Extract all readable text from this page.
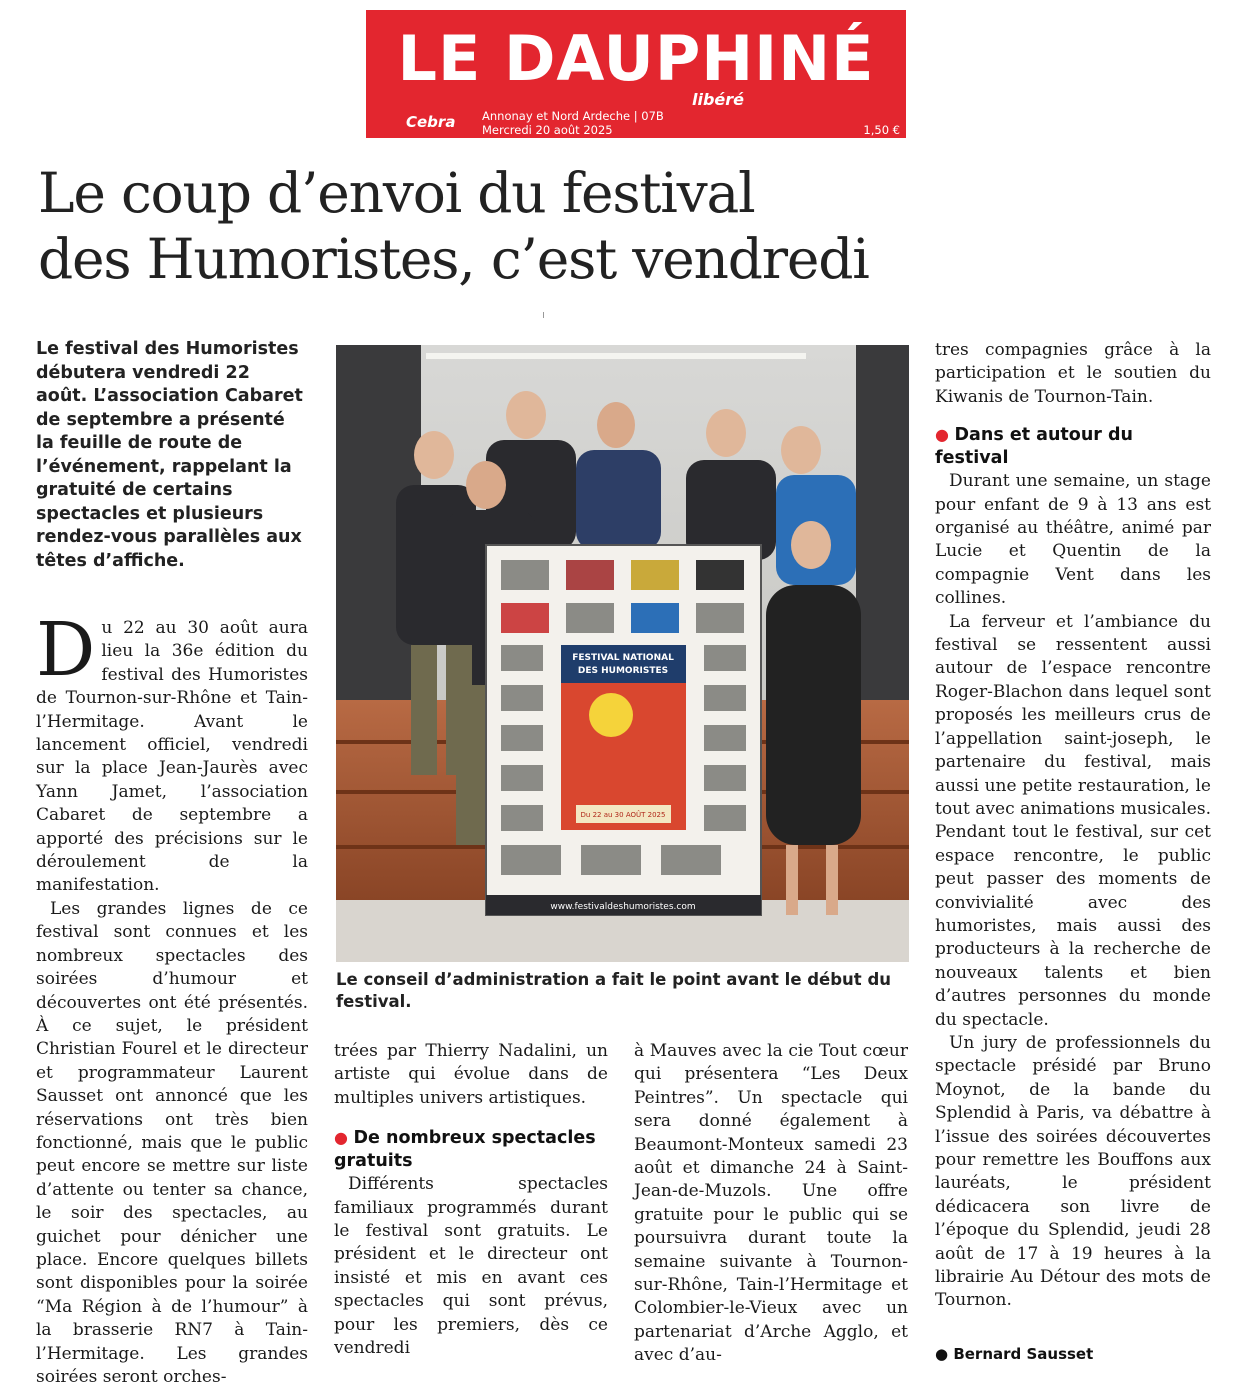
LE DAUPHINÉ
libéré
Cebra Annonay et Nord Ardeche | 07B
Mercredi 20 août 2025	1,50 €
Le coup d’envoi du festival
des Humoristes, c’est vendredi
Le festival des Humoristes débutera vendredi 22 août. L’association Cabaret de septembre a présenté la feuille de route de l’événement, rappelant la gratuité de certains spectacles et plusieurs rendez-vous parallèles aux têtes d’affiche.

Du 22 au 30 août aura lieu la 36e édition du festival des Humoristes de Tournon-sur-Rhône et Tain-l’Hermitage. Avant le lancement officiel, vendredi sur la place Jean-Jaurès avec Yann Jamet, l’association Cabaret de septembre a apporté des précisions sur le déroulement de la manifestation.

Les grandes lignes de ce festival sont connues et les nombreux spectacles des soirées d’humour et découvertes ont été présentés. À ce sujet, le président Christian Fourel et le directeur et programmateur Laurent Sausset ont annoncé que les réservations ont très bien fonctionné, mais que le public peut encore se mettre sur liste d’attente ou tenter sa chance, le soir des spectacles, au guichet pour dénicher une place. Encore quelques billets sont disponibles pour la soirée “Ma Région à de l’humour” à la brasserie RN7 à Tain-l’Hermitage. Les grandes soirées seront orches-

www.festivaldeshumoristes.com
FESTIVAL NATIONAL
DES HUMORISTES
Du 22 au 30 AOÛT 2025
Le conseil d’administration a fait le point avant le début du festival.

trées par Thierry Nadalini, un artiste qui évolue dans de multiples univers artistiques.

● De nombreux spectacles gratuits

Différents spectacles familiaux programmés durant le festival sont gratuits. Le président et le directeur ont insisté et mis en avant ces spectacles qui sont prévus, pour les premiers, dès ce vendredi

à Mauves avec la cie Tout cœur qui présentera “Les Deux Peintres”. Un spectacle qui sera donné également à Beaumont-Monteux samedi 23 août et dimanche 24 à Saint-Jean-de-Muzols. Une offre gratuite pour le public qui se poursuivra durant toute la semaine suivante à Tournon-sur-Rhône, Tain-l’Hermitage et Colombier-le-Vieux avec un partenariat d’Arche Agglo, et avec d’au-

tres compagnies grâce à la participation et le soutien du Kiwanis de Tournon-Tain.

● Dans et autour du festival

Durant une semaine, un stage pour enfant de 9 à 13 ans est organisé au théâtre, animé par Lucie et Quentin de la compagnie Vent dans les collines.

La ferveur et l’ambiance du festival se ressentent aussi autour de l’espace rencontre Roger-Blachon dans lequel sont proposés les meilleurs crus de l’appellation saint-joseph, le partenaire du festival, mais aussi une petite restauration, le tout avec animations musicales. Pendant tout le festival, sur cet espace rencontre, le public peut passer des moments de convivialité avec des humoristes, mais aussi des producteurs à la recherche de nouveaux talents et bien d’autres personnes du monde du spectacle.

Un jury de professionnels du spectacle présidé par Bruno Moynot, de la bande du Splendid à Paris, va débattre à l’issue des soirées découvertes pour remettre les Bouffons aux lauréats, le président dédicacera son livre de l’époque du Splendid, jeudi 28 août de 17 à 19 heures à la librairie Au Détour des mots de Tournon.

● Bernard Sausset
